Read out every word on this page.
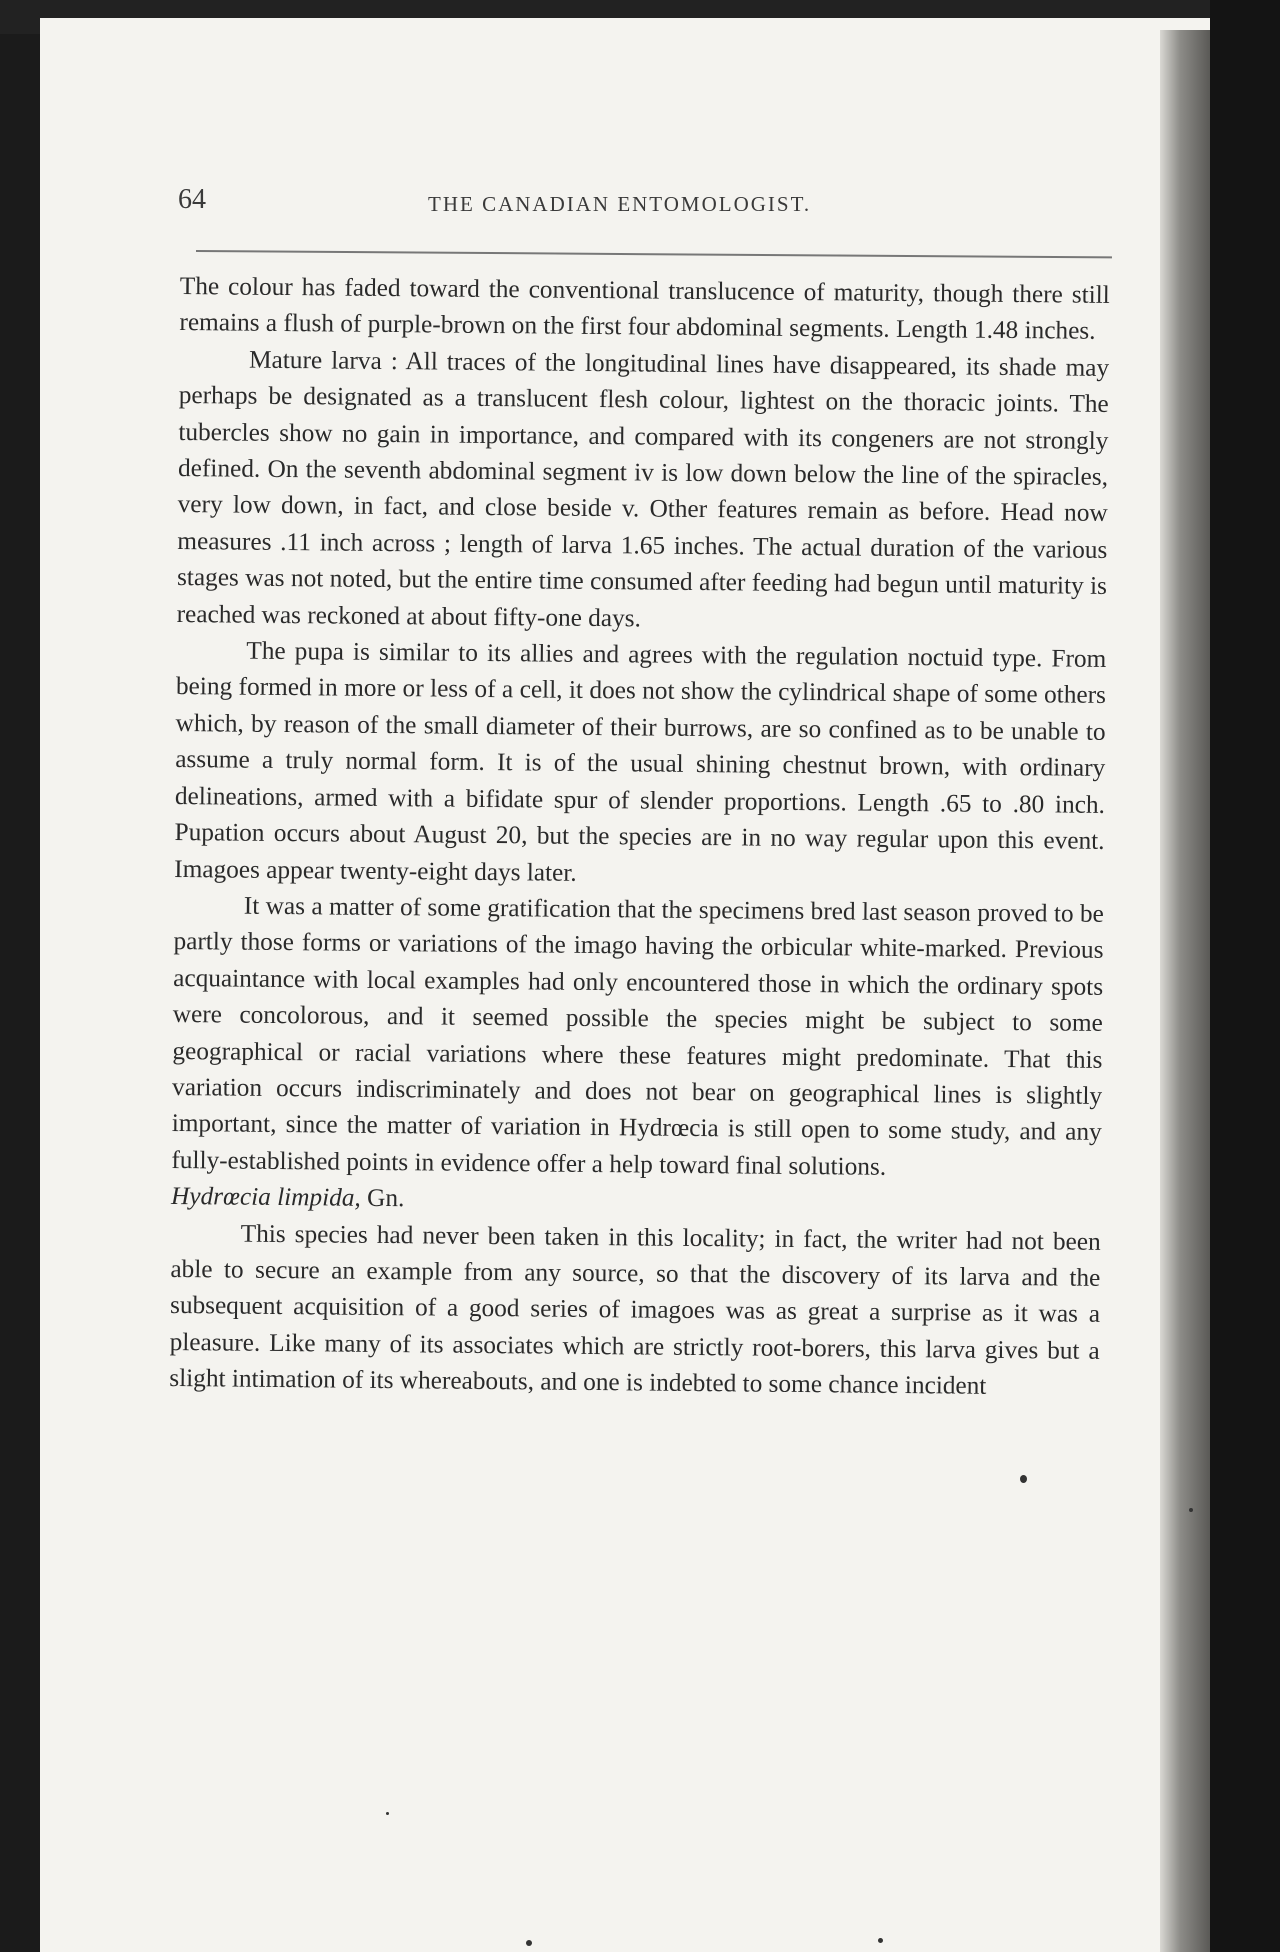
64	THE CANADIAN ENTOMOLOGIST.

The colour has faded toward the conventional translucence of maturity, though there still remains a flush of purple-brown on the first four abdominal segments. Length 1.48 inches.

Mature larva : All traces of the longitudinal lines have disappeared, its shade may perhaps be designated as a translucent flesh colour, lightest on the thoracic joints. The tubercles show no gain in importance, and compared with its congeners are not strongly defined. On the seventh abdominal segment iv is low down below the line of the spiracles, very low down, in fact, and close beside v. Other features remain as before. Head now measures .11 inch across ; length of larva 1.65 inches. The actual duration of the various stages was not noted, but the entire time consumed after feeding had begun until maturity is reached was reckoned at about fifty-one days.

The pupa is similar to its allies and agrees with the regulation noctuid type. From being formed in more or less of a cell, it does not show the cylindrical shape of some others which, by reason of the small diameter of their burrows, are so confined as to be unable to assume a truly normal form. It is of the usual shining chestnut brown, with ordinary delineations, armed with a bifidate spur of slender proportions. Length .65 to .80 inch. Pupation occurs about August 20, but the species are in no way regular upon this event. Imagoes appear twenty-eight days later.

It was a matter of some gratification that the specimens bred last season proved to be partly those forms or variations of the imago having the orbicular white-marked. Previous acquaintance with local examples had only encountered those in which the ordinary spots were concolorous, and it seemed possible the species might be subject to some geographical or racial variations where these features might predominate. That this variation occurs indiscriminately and does not bear on geographical lines is slightly important, since the matter of variation in Hydrœcia is still open to some study, and any fully-established points in evidence offer a help toward final solutions.

Hydrœcia limpida, Gn.

This species had never been taken in this locality; in fact, the writer had not been able to secure an example from any source, so that the discovery of its larva and the subsequent acquisition of a good series of imagoes was as great a surprise as it was a pleasure. Like many of its associates which are strictly root-borers, this larva gives but a slight intimation of its whereabouts, and one is indebted to some chance incident
